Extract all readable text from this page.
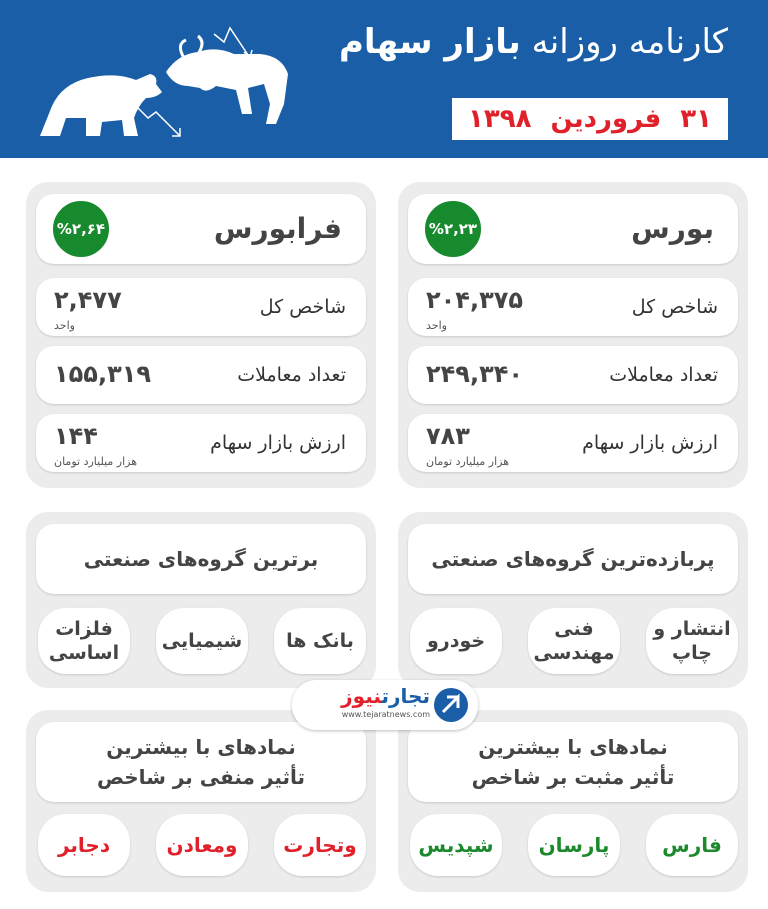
کارنامه روزانه بازار سهام
۳۱
فروردین
۱۳۹۸
بورس
%۲,۲۳
شاخص کل
۲۰۴,۳۷۵
واحد
تعداد معاملات
۲۴۹,۳۴۰
ارزش بازار سهام
۷۸۳
هزار میلیارد تومان
فرابورس
%۲,۶۴
شاخص کل
۲,۴۷۷
واحد
تعداد معاملات
۱۵۵,۳۱۹
ارزش بازار سهام
۱۴۴
هزار میلیارد تومان
پربازده‌ترین گروه‌های صنعتی
انتشار و چاپ
فنی مهندسی
خودرو
برترین گروه‌های صنعتی
بانک ها
شیمیایی
فلزات اساسی
نمادهای با بیشترین
تأثیر مثبت بر شاخص
فارس
پارسان
شپدیس
نمادهای با بیشترین
تأثیر منفی بر شاخص
وتجارت
ومعادن
دجابر
تجارتنیوز
www.tejaratnews.com
